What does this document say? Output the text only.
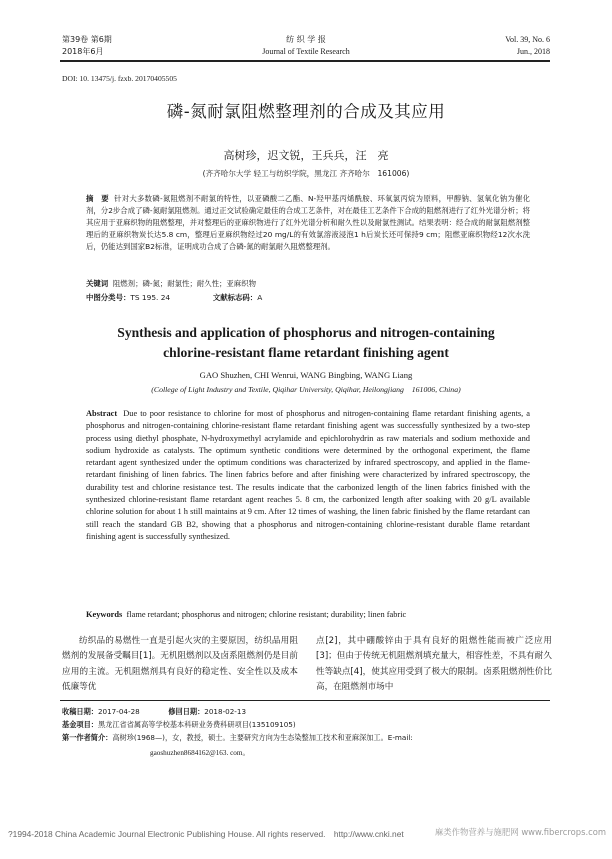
第39卷 第6期
2018年6月
纺 织 学 报
Journal of Textile Research
Vol. 39, No. 6
Jun., 2018
DOI: 10. 13475/j. fzxb. 20170405505
磷-氮耐氯阻燃整理剂的合成及其应用
高树珍，迟文锐，王兵兵，汪　亮
(齐齐哈尔大学 轻工与纺织学院，黑龙江 齐齐哈尔　161006)
摘　要 针对大多数磷-氮阻燃剂不耐氯的特性，以亚磷酸二乙酯、N-羟甲基丙烯酰胺、环氧氯丙烷为原料，甲醇钠、氢氧化钠为催化剂，分2步合成了磷-氮耐氯阻燃剂。通过正交试验确定最佳的合成工艺条件，对在最佳工艺条件下合成的阻燃剂进行了红外光谱分析；将其应用于亚麻织物的阻燃整理，并对整理后的亚麻织物进行了红外光谱分析和耐久性以及耐氯性测试。结果表明：经合成的耐氯阻燃剂整理后的亚麻织物炭长达5.8 cm，整理后亚麻织物经过20 mg/L的有效氯溶液浸泡1 h后炭长还可保持9 cm；阻燃亚麻织物经12次水洗后，仍能达到国家B2标准，证明成功合成了合磷-氮的耐氯耐久阻燃整理剂。
关键词 阻燃剂；磷-氮；耐氯性；耐久性；亚麻织物
中图分类号：TS 195. 24	文献标志码：A
Synthesis and application of phosphorus and nitrogen-containing chlorine-resistant flame retardant finishing agent
GAO Shuzhen, CHI Wenrui, WANG Bingbing, WANG Liang
(College of Light Industry and Textile, Qiqihar University, Qiqihar, Heilongjiang　161006, China)
Abstract Due to poor resistance to chlorine for most of phosphorus and nitrogen-containing flame retardant finishing agents, a phosphorus and nitrogen-containing chlorine-resistant flame retardant finishing agent was successfully synthesized by a two-step process using diethyl phosphate, N-hydroxymethyl acrylamide and epichlorohydrin as raw materials and sodium methoxide and sodium hydroxide as catalysts. The optimum synthetic conditions were determined by the orthogonal experiment, the flame retardant agent synthesized under the optimum conditions was characterized by infrared spectroscopy, and applied in the flame-retardant finishing of linen fabrics. The linen fabrics before and after finishing were characterized by infrared spectroscopy, the durability test and chlorine resistance test. The results indicate that the carbonized length of the linen fabrics finished with the synthesized chlorine-resistant flame retardant agent reaches 5. 8 cm, the carbonized length after soaking with 20 g/L available chlorine solution for about 1 h still maintains at 9 cm. After 12 times of washing, the linen fabric finished by the flame retardant can still reach the standard GB B2, showing that a phosphorus and nitrogen-containing chlorine-resistant durable flame retardant finishing agent is successfully synthesized.
Keywords flame retardant; phosphorus and nitrogen; chlorine resistant; durability; linen fabric
纺织品的易燃性一直是引起火灾的主要原因，纺织品用阻燃剂的发展备受瞩目[1]。无机阻燃剂以及卤系阻燃剂仍是目前应用的主流。无机阻燃剂具有良好的稳定性、安全性以及成本低廉等优
点[2]，其中硼酸锌由于具有良好的阻燃性能而被广泛应用[3]；但由于传统无机阻燃剂填充量大，相容性差，不具有耐久性等缺点[4]，使其应用受到了极大的限制。卤系阻燃剂性价比高，在阻燃剂市场中
收稿日期：2017-04-28	修回日期：2018-02-13
基金项目：黑龙江省省属高等学校基本科研业务费科研项目(135109105)
第一作者简介：高树珍(1968—)，女，教授，硕士。主要研究方向为生态染整加工技术和亚麻深加工。E-mail:
gaoshuzhen8684162@163. com。
?1994-2018 China Academic Journal Electronic Publishing House. All rights reserved.　http://www.cnki.net	麻类作物营养与施肥网 www.fibercrops.com
